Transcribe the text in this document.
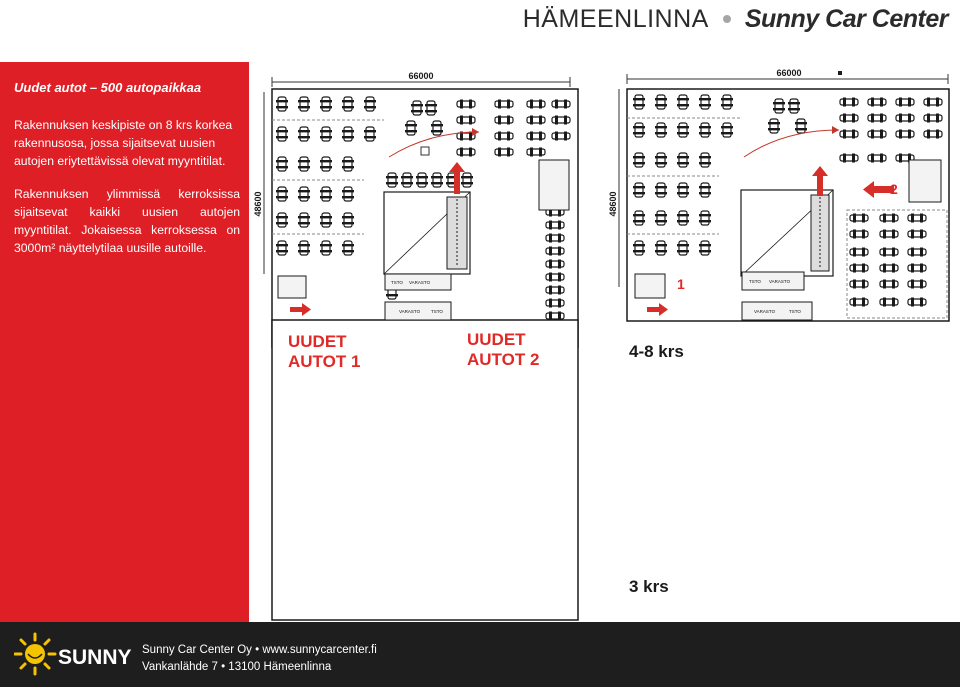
HÄMEENLINNA Sunny Car Center
Uudet autot – 500 autopaikkaa
Rakennuksen keskipiste on 8 krs korkea rakennusosa, jossa sijaitsevat uusien autojen eriytettävissä olevat myyntitilat.
Rakennuksen ylimmissä kerroksissa sijaitsevat kaikki uusien autojen myyntitilat. Jokaisessa kerroksessa on 3000m² näyttelytilaa uusille autoille.
66000
48600
TSTO VARASTO
VARASTO TSTO
UUDET
AUTOT 1
66000
48600
TSTO VARASTO
VARASTO	TSTO
1
2
UUDET
AUTOT 2	4-8 krs
3 krs
SUNNY Sunny Car Center Oy • www.sunnycarcenter.fi
Vankanlähde 7 • 13100 Hämeenlinna
